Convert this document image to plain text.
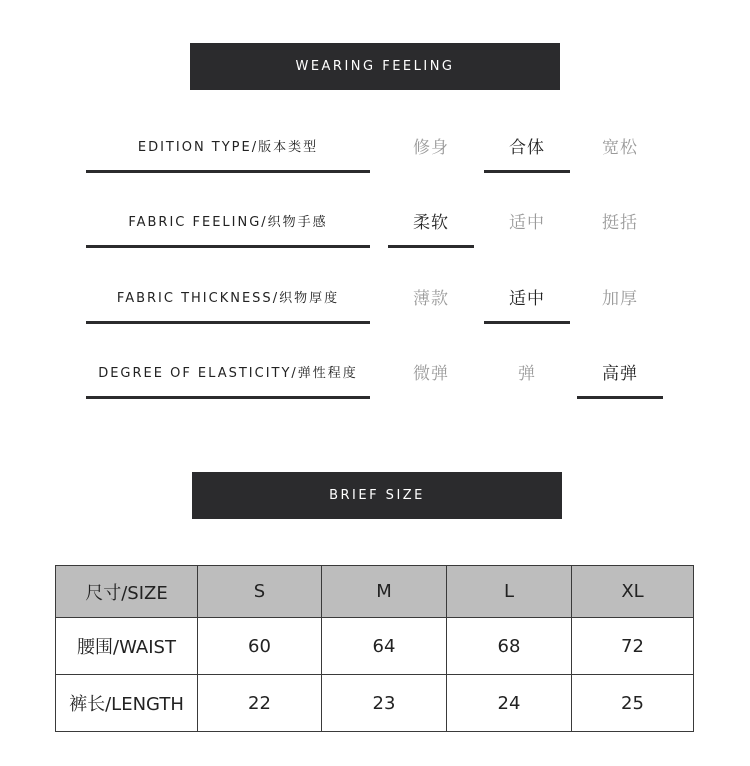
WEARING FEELING
EDITION TYPE/版本类型	修身	合体	宽松
FABRIC FEELING/织物手感	柔软	适中	挺括
FABRIC THICKNESS/织物厚度	薄款	适中	加厚
DEGREE OF ELASTICITY/弹性程度	微弹	弹	高弹
BRIEF SIZE
尺寸/SIZE	S	M	L	XL
腰围/WAIST	60	64	68	72
裤长/LENGTH	22	23	24	25
